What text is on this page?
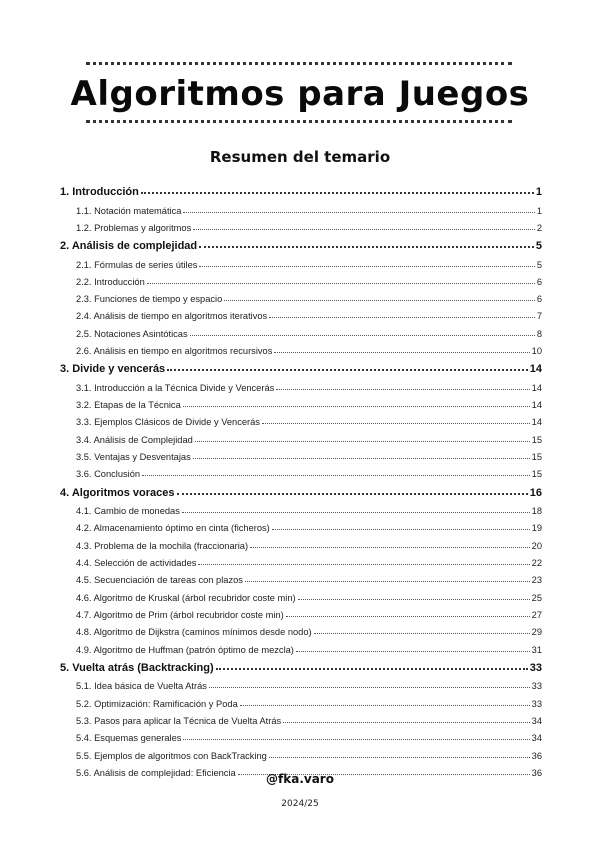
Algoritmos para Juegos
Resumen del temario
1. Introducción	1
1.1. Notación matemática	1
1.2. Problemas y algoritmos	2
2. Análisis de complejidad	5
2.1. Fórmulas de series útiles	5
2.2. Introducción	6
2.3. Funciones de tiempo y espacio	6
2.4. Análisis de tiempo en algoritmos iterativos	7
2.5. Notaciones Asintóticas	8
2.6. Análisis en tiempo en algoritmos recursivos	10
3. Divide y vencerás	14
3.1. Introducción a la Técnica Divide y Vencerás	14
3.2. Etapas de la Técnica	14
3.3. Ejemplos Clásicos de Divide y Vencerás	14
3.4. Análisis de Complejidad	15
3.5. Ventajas y Desventajas	15
3.6. Conclusión	15
4. Algoritmos voraces	16
4.1. Cambio de monedas	18
4.2. Almacenamiento óptimo en cinta (ficheros)	19
4.3. Problema de la mochila (fraccionaria)	20
4.4. Selección de actividades	22
4.5. Secuenciación de tareas con plazos	23
4.6. Algoritmo de Kruskal (árbol recubridor coste min)	25
4.7. Algoritmo de Prim (árbol recubridor coste min)	27
4.8. Algoritmo de Dijkstra (caminos mínimos desde nodo)	29
4.9. Algoritmo de Huffman (patrón óptimo de mezcla)	31
5. Vuelta atrás (Backtracking)	33
5.1. Idea básica de Vuelta Atrás	33
5.2. Optimización: Ramificación y Poda	33
5.3. Pasos para aplicar la Técnica de Vuelta Atrás	34
5.4. Esquemas generales	34
5.5. Ejemplos de algoritmos con BackTracking	36
5.6. Análisis de complejidad: Eficiencia	36
@fka.varo
2024/25
